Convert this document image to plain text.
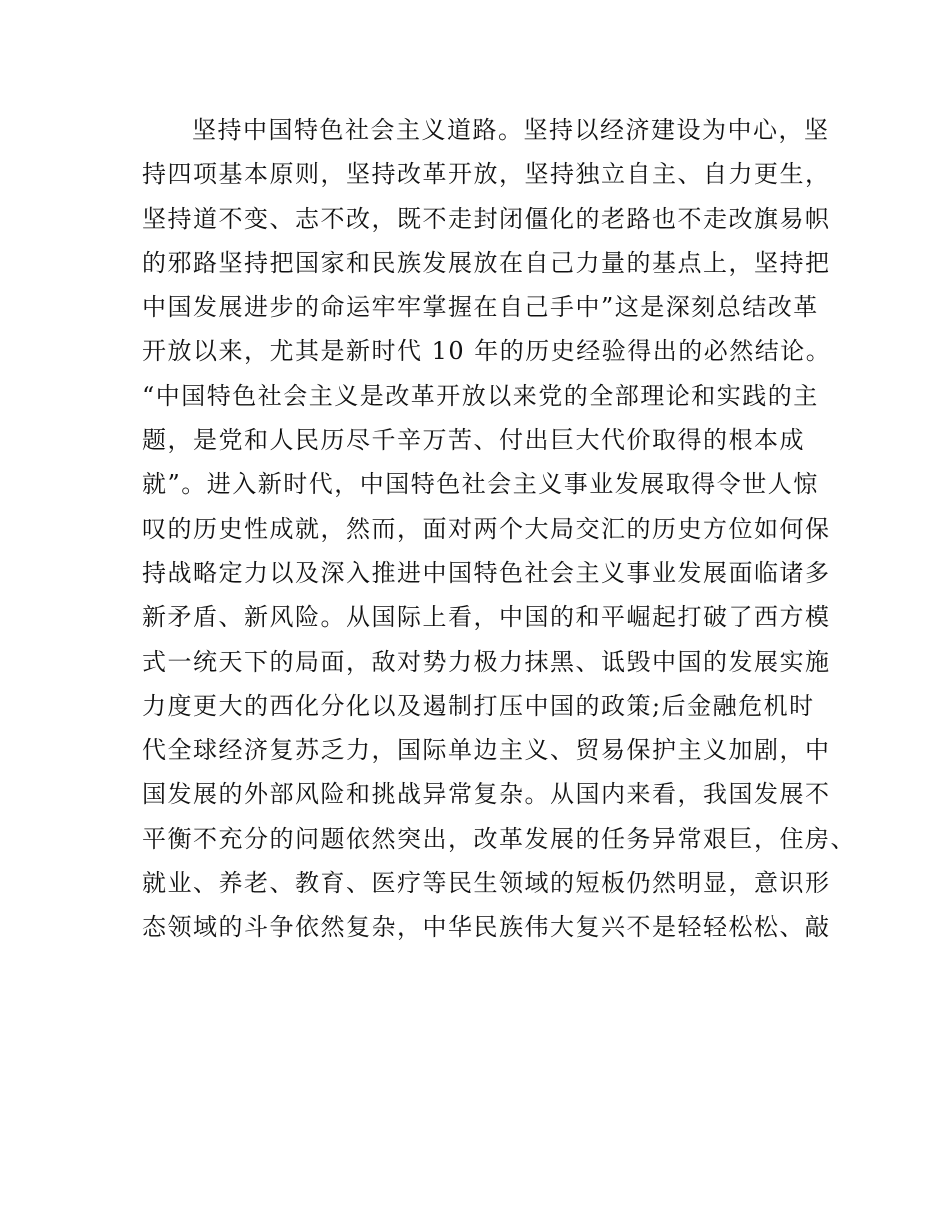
坚持中国特色社会主义道路。坚持以经济建设为中心，坚
持四项基本原则，坚持改革开放，坚持独立自主、自力更生，
坚持道不变、志不改，既不走封闭僵化的老路也不走改旗易帜
的邪路坚持把国家和民族发展放在自己力量的基点上，坚持把
中国发展进步的命运牢牢掌握在自己手中”这是深刻总结改革
开放以来，尤其是新时代 10 年的历史经验得出的必然结论。
“中国特色社会主义是改革开放以来党的全部理论和实践的主
题，是党和人民历尽千辛万苦、付出巨大代价取得的根本成
就”。进入新时代，中国特色社会主义事业发展取得令世人惊
叹的历史性成就，然而，面对两个大局交汇的历史方位如何保
持战略定力以及深入推进中国特色社会主义事业发展面临诸多
新矛盾、新风险。从国际上看，中国的和平崛起打破了西方模
式一统天下的局面，敌对势力极力抹黑、诋毁中国的发展实施
力度更大的西化分化以及遏制打压中国的政策;后金融危机时
代全球经济复苏乏力，国际单边主义、贸易保护主义加剧，中
国发展的外部风险和挑战异常复杂。从国内来看，我国发展不
平衡不充分的问题依然突出，改革发展的任务异常艰巨，住房、
就业、养老、教育、医疗等民生领域的短板仍然明显，意识形
态领域的斗争依然复杂，中华民族伟大复兴不是轻轻松松、敲
